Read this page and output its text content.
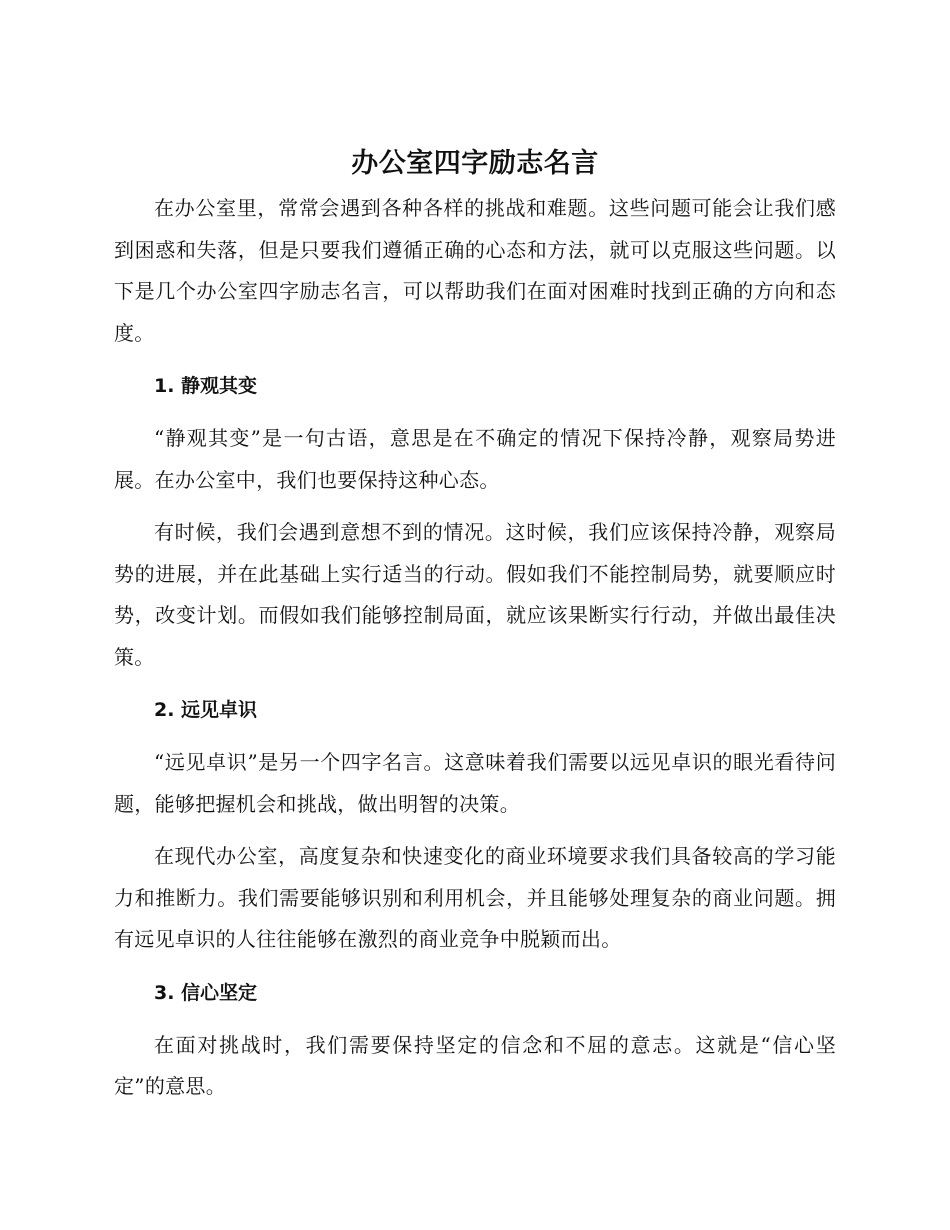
办公室四字励志名言

在办公室里，常常会遇到各种各样的挑战和难题。这些问题可能会让我们感到困惑和失落，但是只要我们遵循正确的心态和方法，就可以克服这些问题。以下是几个办公室四字励志名言，可以帮助我们在面对困难时找到正确的方向和态度。

1. 静观其变

“静观其变”是一句古语，意思是在不确定的情况下保持冷静，观察局势进展。在办公室中，我们也要保持这种心态。

有时候，我们会遇到意想不到的情况。这时候，我们应该保持冷静，观察局势的进展，并在此基础上实行适当的行动。假如我们不能控制局势，就要顺应时势，改变计划。而假如我们能够控制局面，就应该果断实行行动，并做出最佳决策。

2. 远见卓识

“远见卓识”是另一个四字名言。这意味着我们需要以远见卓识的眼光看待问题，能够把握机会和挑战，做出明智的决策。

在现代办公室，高度复杂和快速变化的商业环境要求我们具备较高的学习能力和推断力。我们需要能够识别和利用机会，并且能够处理复杂的商业问题。拥有远见卓识的人往往能够在激烈的商业竞争中脱颖而出。

3. 信心坚定

在面对挑战时，我们需要保持坚定的信念和不屈的意志。这就是“信心坚定”的意思。
